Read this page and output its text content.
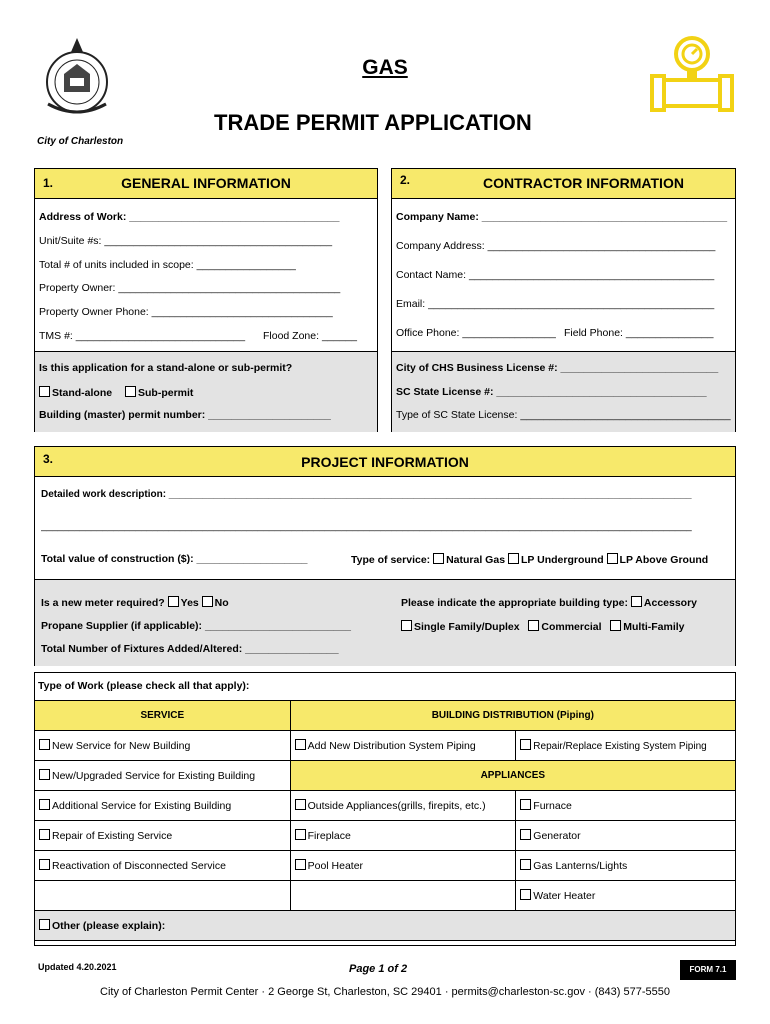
City of Charleston
GAS
TRADE PERMIT APPLICATION
1.	GENERAL INFORMATION
Address of Work: ____________________________________
Unit/Suite #s: _______________________________________
Total # of units included in scope: _________________
Property Owner: ______________________________________
Property Owner Phone: _______________________________
TMS #: _____________________________ Flood Zone: ______
Is this application for a stand-alone or sub-permit?
Stand-alone	Sub-permit
Building (master) permit number: _____________________
2.	CONTRACTOR INFORMATION
Company Name: __________________________________________
Company Address: _______________________________________
Contact Name: __________________________________________
Email: _________________________________________________
Office Phone: ________________ Field Phone: _______________
City of CHS Business License #: ___________________________
SC State License #: ____________________________________
Type of SC State License: ____________________________________
3.	PROJECT INFORMATION
Detailed work description: ______________________________________________________________________________________________
_____________________________________________________________________________________________________________________
Total value of construction ($): ___________________	Type of service: Natural Gas LP Underground LP Above Ground
Is a new meter required? Yes No	Please indicate the appropriate building type: Accessory
Propane Supplier (if applicable): _________________________	Single Family/Duplex Commercial Multi-Family
Total Number of Fixtures Added/Altered: ________________
Type of Work (please check all that apply):
SERVICE	BUILDING DISTRIBUTION (Piping)	
New Service for New Building	Add New Distribution System Piping	Repair/Replace Existing System Piping
New/Upgraded Service for Existing Building	APPLIANCES	
Additional Service for Existing Building	Outside Appliances(grills, firepits, etc.)	Furnace
Repair of Existing Service	Fireplace	Generator
Reactivation of Disconnected Service	Pool Heater	Gas Lanterns/Lights
		Water Heater
Other (please explain):		
Updated 4.20.2021	Page 1 of 2	FORM 7.1
City of Charleston Permit Center · 2 George St, Charleston, SC 29401 · permits@charleston-sc.gov · (843) 577-5550
